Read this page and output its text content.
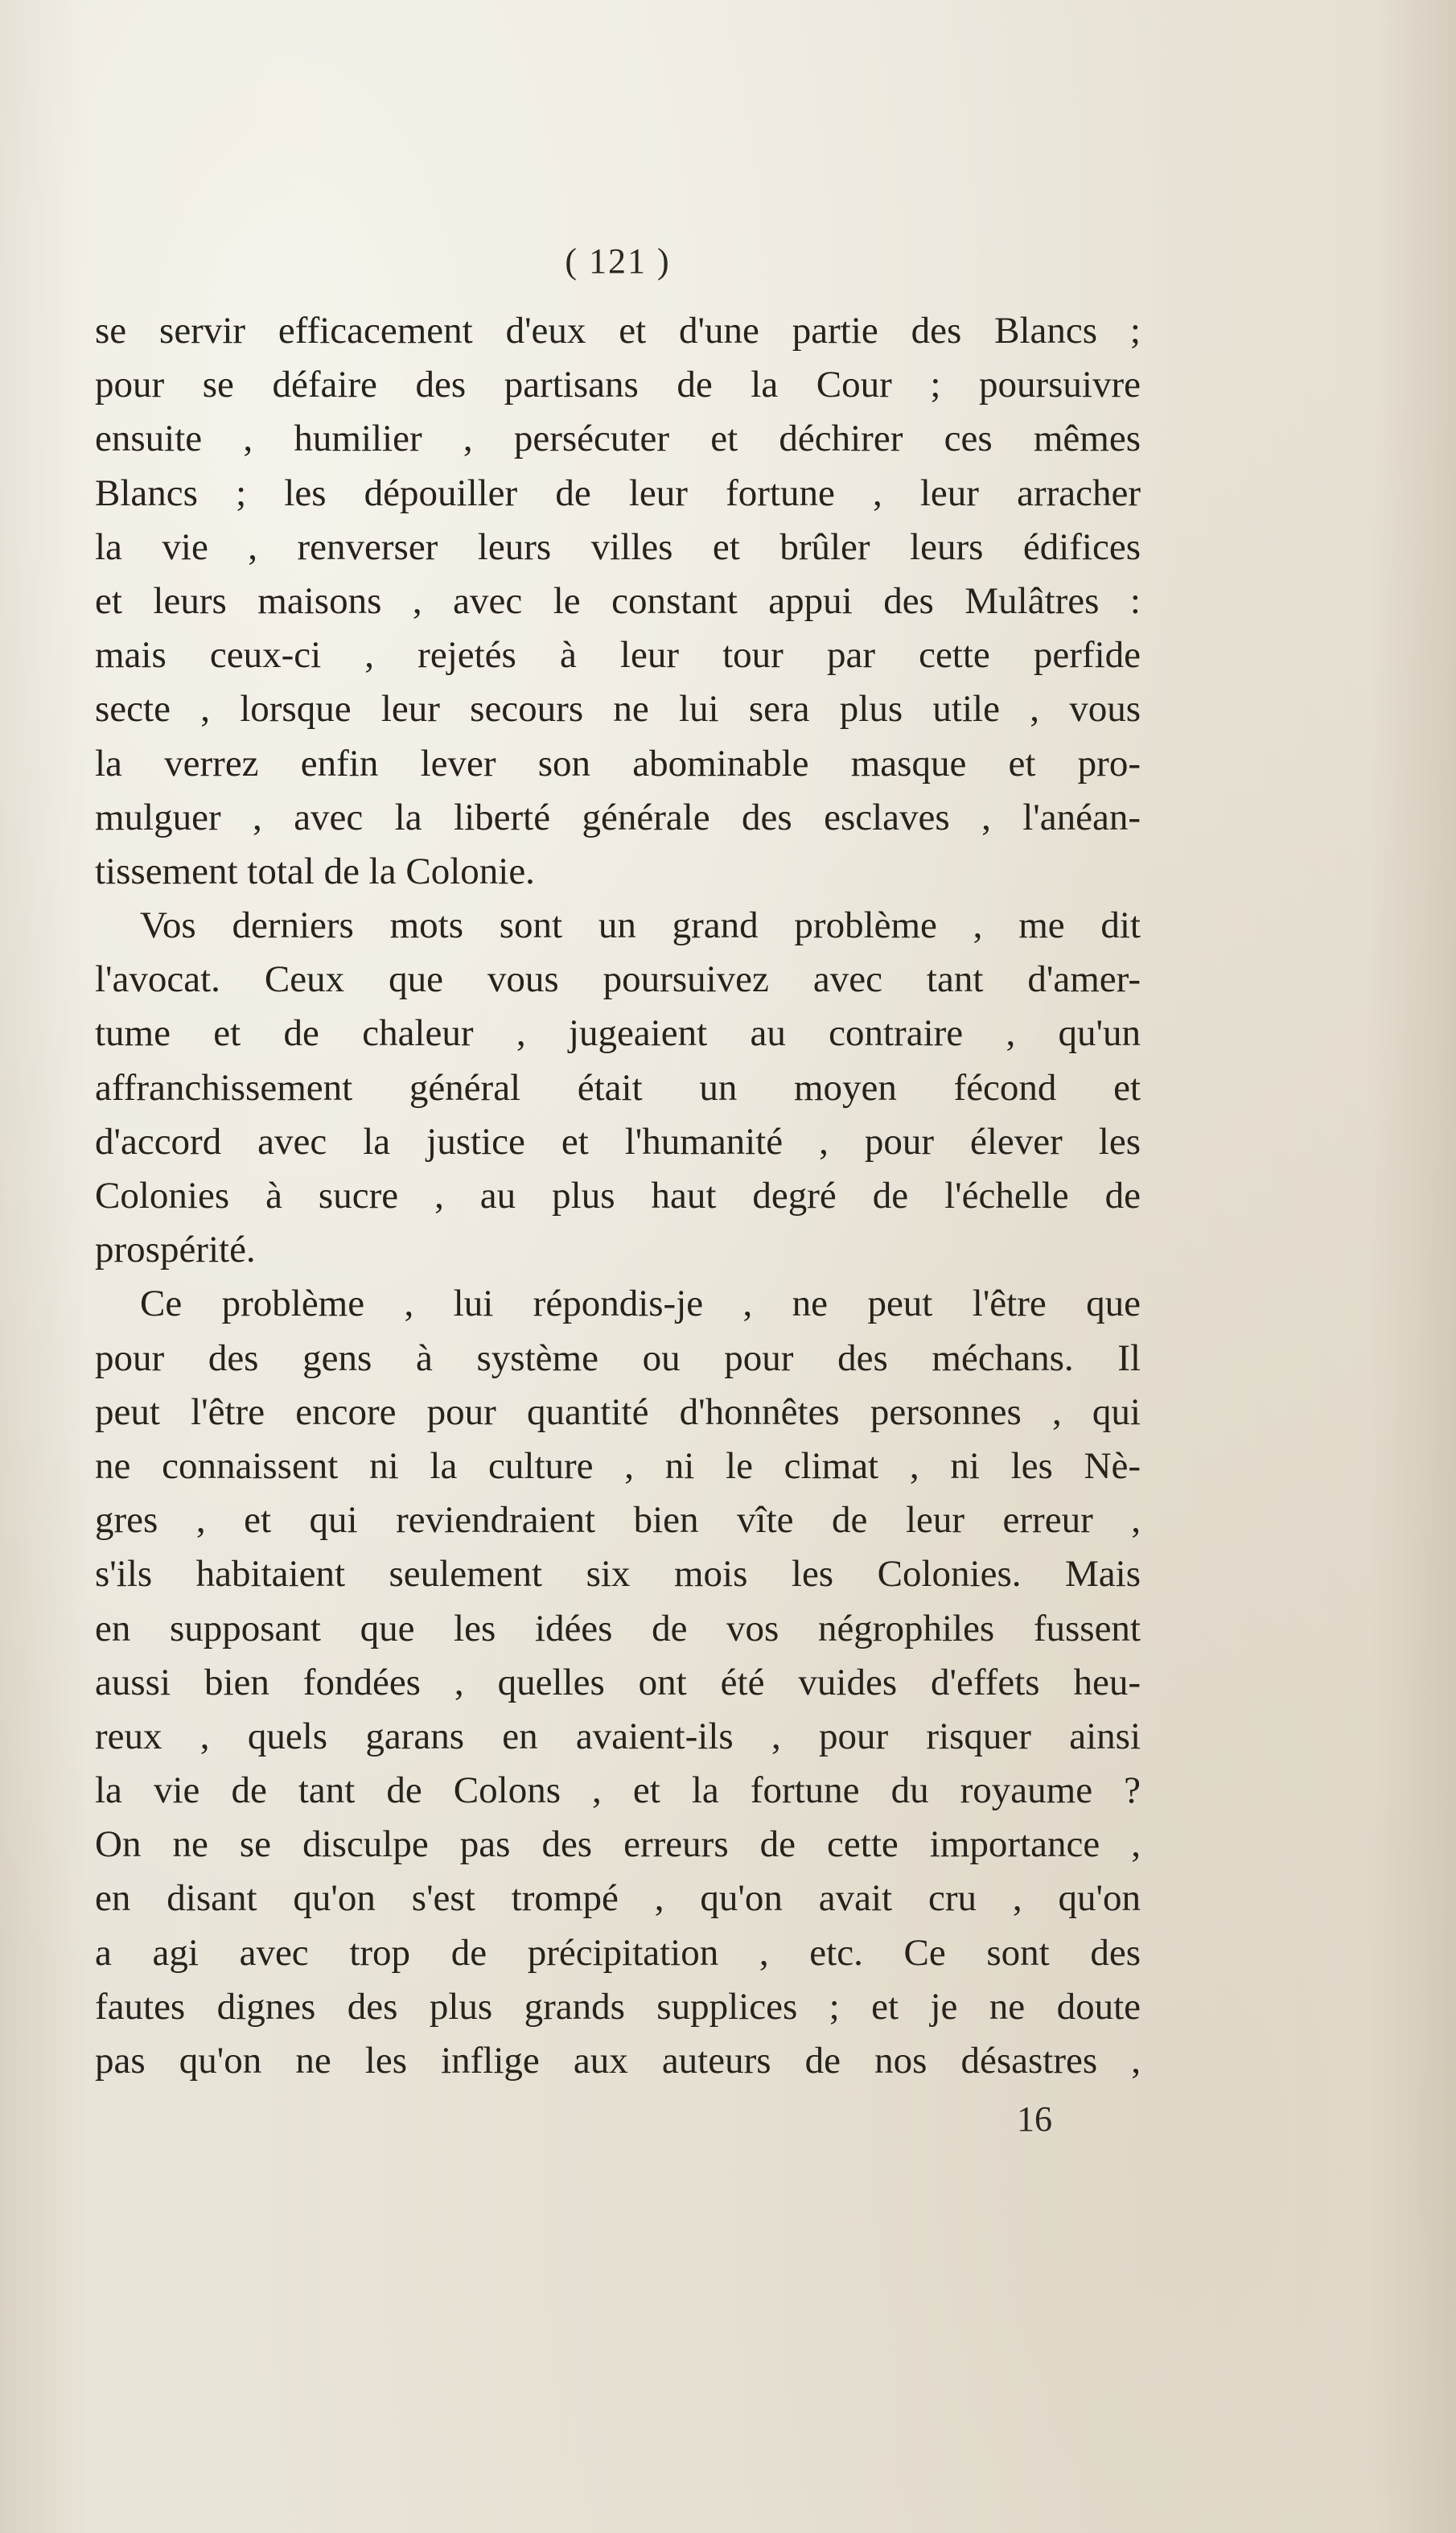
( 121 )
se servir efficacement d'eux et d'une partie des Blancs ;
pour se défaire des partisans de la Cour ; poursuivre
ensuite , humilier , persécuter et déchirer ces mêmes
Blancs ; les dépouiller de leur fortune , leur arracher
la vie , renverser leurs villes et brûler leurs édifices
et leurs maisons , avec le constant appui des Mulâtres :
mais ceux-ci , rejetés à leur tour par cette perfide
secte , lorsque leur secours ne lui sera plus utile , vous
la verrez enfin lever son abominable masque et pro-
mulguer , avec la liberté générale des esclaves , l'anéan-
tissement total de la Colonie.
Vos derniers mots sont un grand problème , me dit
l'avocat. Ceux que vous poursuivez avec tant d'amer-
tume et de chaleur , jugeaient au contraire , qu'un
affranchissement général était un moyen fécond et
d'accord avec la justice et l'humanité , pour élever les
Colonies à sucre , au plus haut degré de l'échelle de
prospérité.
Ce problème , lui répondis-je , ne peut l'être que
pour des gens à système ou pour des méchans. Il
peut l'être encore pour quantité d'honnêtes personnes , qui
ne connaissent ni la culture , ni le climat , ni les Nè-
gres , et qui reviendraient bien vîte de leur erreur ,
s'ils habitaient seulement six mois les Colonies. Mais
en supposant que les idées de vos négrophiles fussent
aussi bien fondées , quelles ont été vuides d'effets heu-
reux , quels garans en avaient-ils , pour risquer ainsi
la vie de tant de Colons , et la fortune du royaume ?
On ne se disculpe pas des erreurs de cette importance ,
en disant qu'on s'est trompé , qu'on avait cru , qu'on
a agi avec trop de précipitation , etc. Ce sont des
fautes dignes des plus grands supplices ; et je ne doute
pas qu'on ne les inflige aux auteurs de nos désastres ,
16
